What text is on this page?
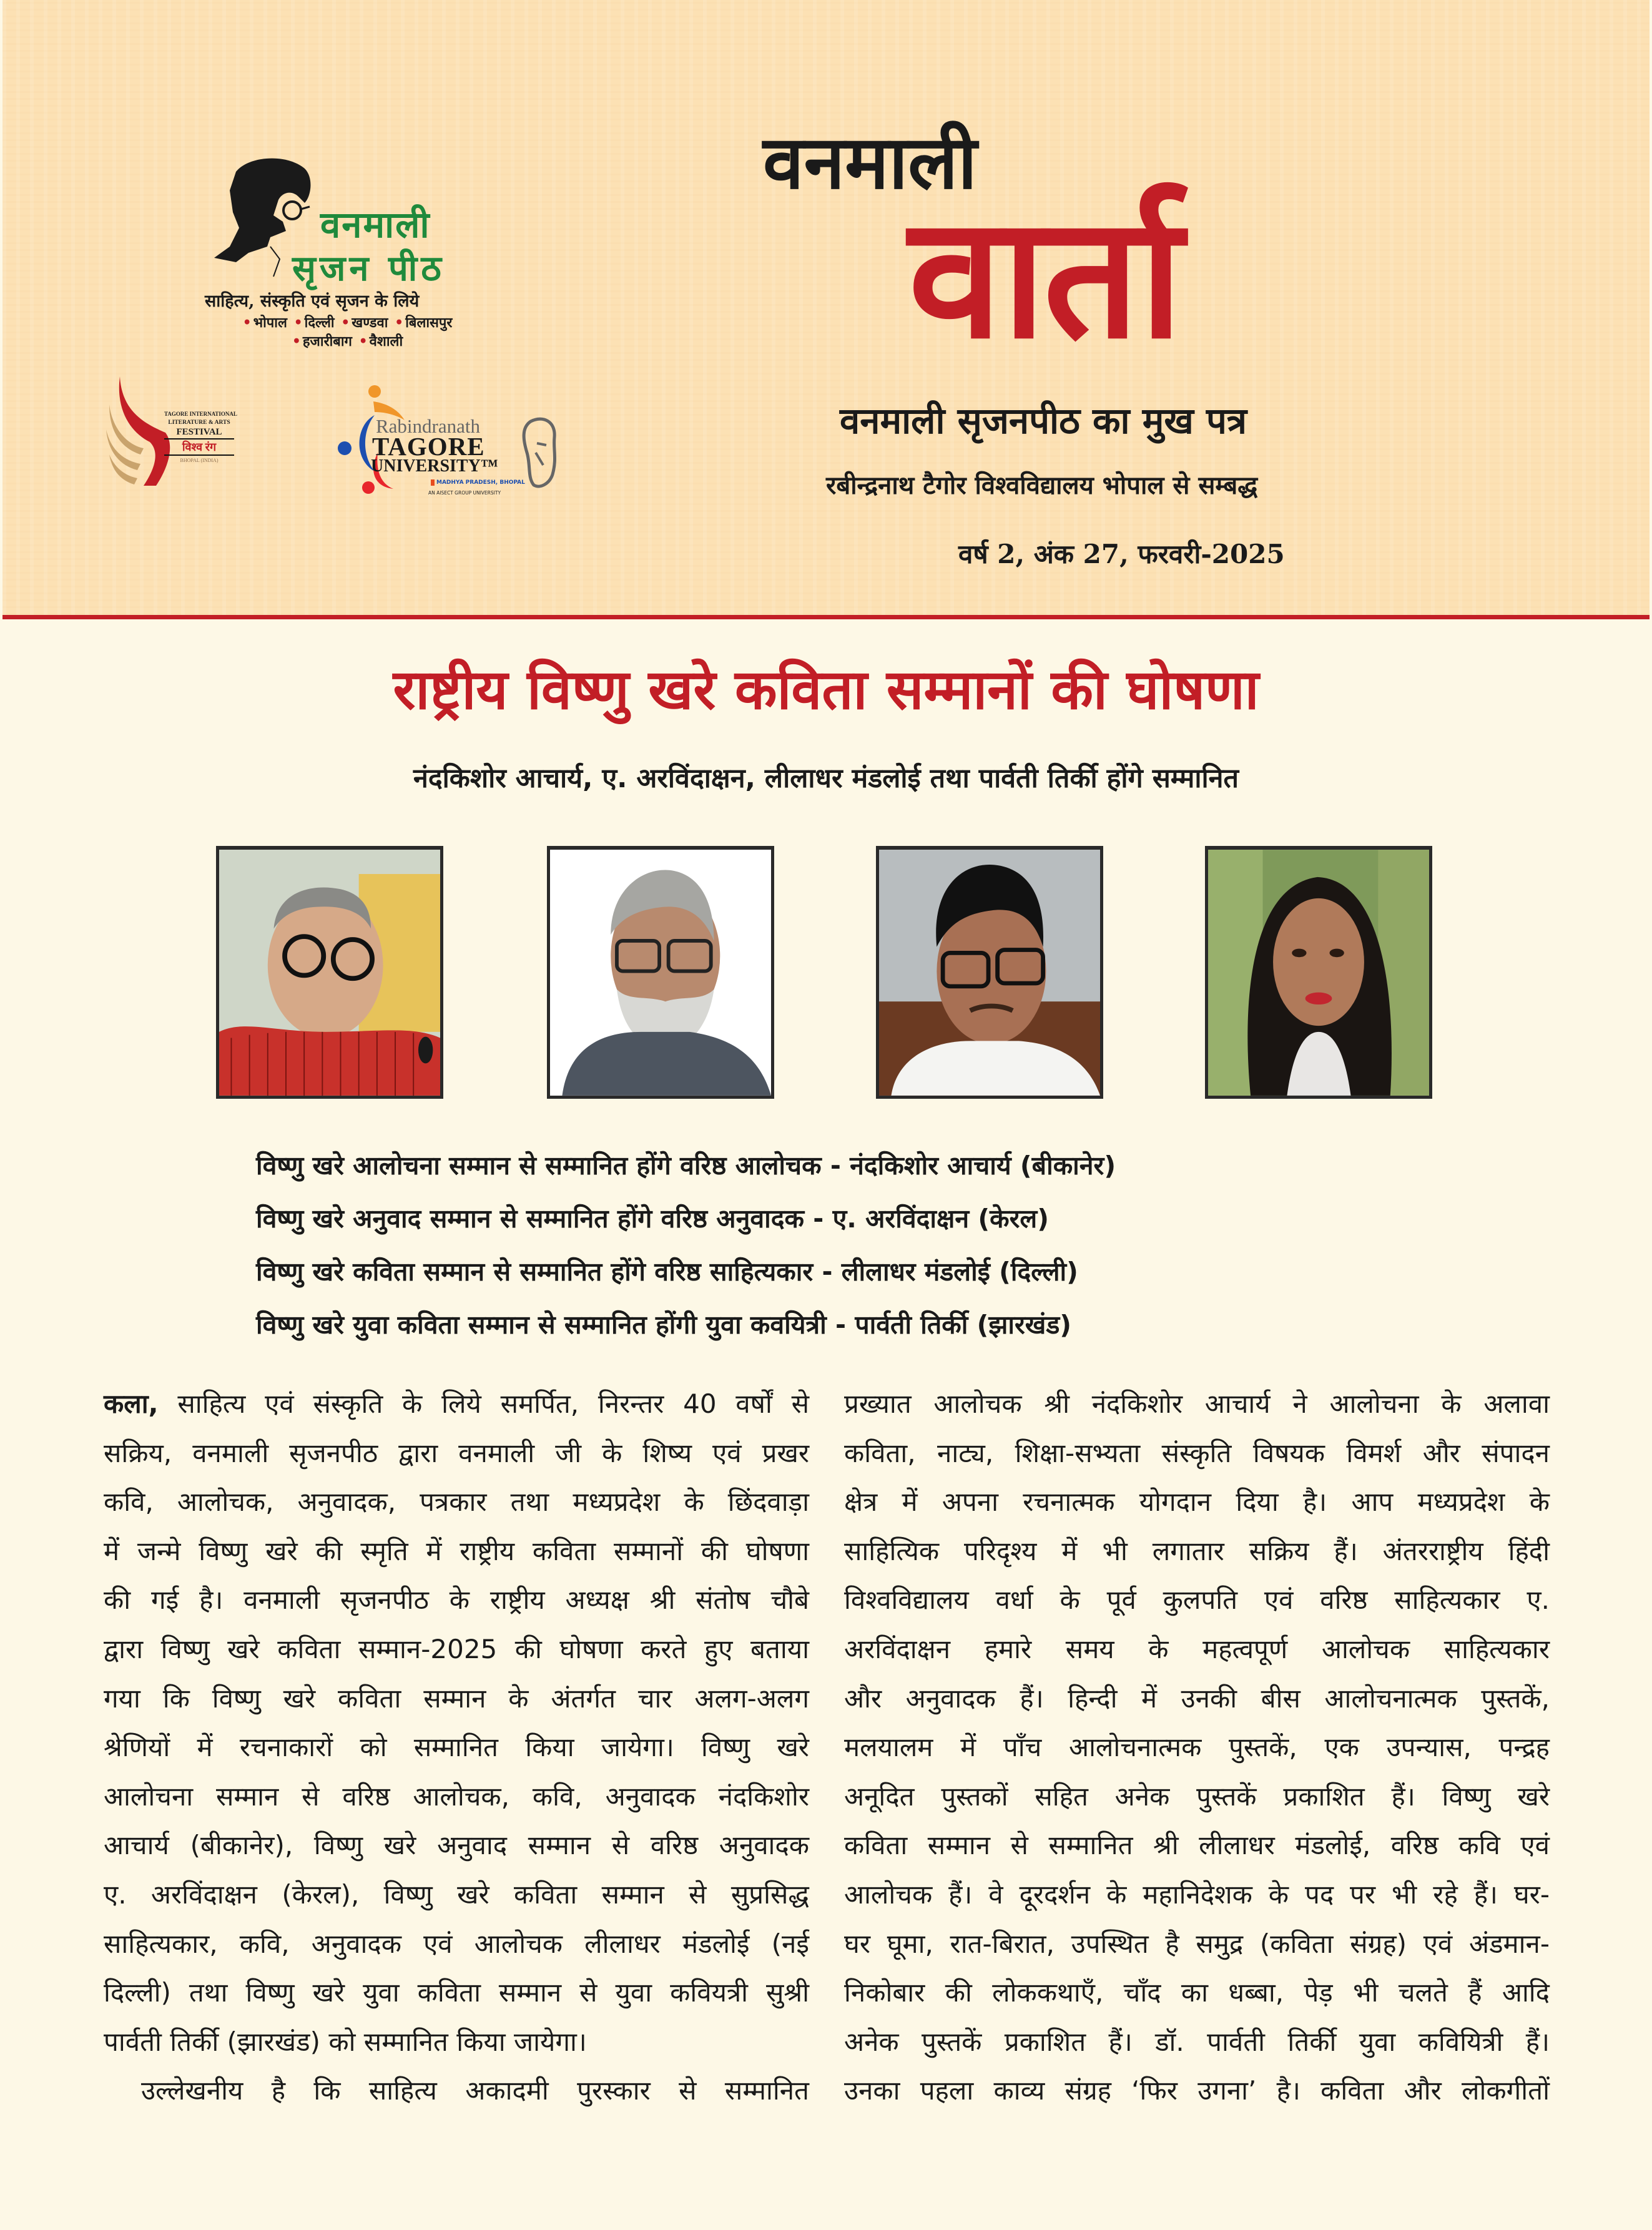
वनमाली
सृजन पीठ
साहित्य, संस्कृति एवं सृजन के लिये
• भोपाल • दिल्ली • खण्डवा • बिलासपुर
• हजारीबाग • वैशाली
TAGORE INTERNATIONAL
LITERATURE & ARTS
FESTIVAL
विश्व रंग
BHOPAL (INDIA)
Rabindranath
TAGORE
UNIVERSITY™
MADHYA PRADESH, BHOPAL
AN AISECT GROUP UNIVERSITY
वनमाली
वार्ता
वनमाली सृजनपीठ का मुख पत्र
रबीन्द्रनाथ टैगोर विश्वविद्यालय भोपाल से सम्बद्ध
वर्ष 2, अंक 27, फरवरी-2025
राष्ट्रीय विष्णु खरे कविता सम्मानों की घोषणा
नंदकिशोर आचार्य, ए. अरविंदाक्षन, लीलाधर मंडलोई तथा पार्वती तिर्की होंगे सम्मानित
विष्णु खरे आलोचना सम्मान से सम्मानित होंगे वरिष्ठ आलोचक - नंदकिशोर आचार्य (बीकानेर)
विष्णु खरे अनुवाद सम्मान से सम्मानित होंगे वरिष्ठ अनुवादक - ए. अरविंदाक्षन (केरल)
विष्णु खरे कविता सम्मान से सम्मानित होंगे वरिष्ठ साहित्यकार - लीलाधर मंडलोई (दिल्ली)
विष्णु खरे युवा कविता सम्मान से सम्मानित होंगी युवा कवयित्री - पार्वती तिर्की (झारखंड)
कला, साहित्य एवं संस्कृति के लिये समर्पित, निरन्तर 40 वर्षों से
सक्रिय, वनमाली सृजनपीठ द्वारा वनमाली जी के शिष्य एवं प्रखर
कवि, आलोचक, अनुवादक, पत्रकार तथा मध्यप्रदेश के छिंदवाड़ा
में जन्मे विष्णु खरे की स्मृति में राष्ट्रीय कविता सम्मानों की घोषणा
की गई है। वनमाली सृजनपीठ के राष्ट्रीय अध्यक्ष श्री संतोष चौबे
द्वारा विष्णु खरे कविता सम्मान-2025 की घोषणा करते हुए बताया
गया कि विष्णु खरे कविता सम्मान के अंतर्गत चार अलग-अलग
श्रेणियों में रचनाकारों को सम्मानित किया जायेगा। विष्णु खरे
आलोचना सम्मान से वरिष्ठ आलोचक, कवि, अनुवादक नंदकिशोर
आचार्य (बीकानेर), विष्णु खरे अनुवाद सम्मान से वरिष्ठ अनुवादक
ए. अरविंदाक्षन (केरल), विष्णु खरे कविता सम्मान से सुप्रसिद्ध
साहित्यकार, कवि, अनुवादक एवं आलोचक लीलाधर मंडलोई (नई
दिल्ली) तथा विष्णु खरे युवा कविता सम्मान से युवा कवियत्री सुश्री
पार्वती तिर्की (झारखंड) को सम्मानित किया जायेगा।
उल्लेखनीय है कि साहित्य अकादमी पुरस्कार से सम्मानित
प्रख्यात आलोचक श्री नंदकिशोर आचार्य ने आलोचना के अलावा
कविता, नाट्य, शिक्षा-सभ्यता संस्कृति विषयक विमर्श और संपादन
क्षेत्र में अपना रचनात्मक योगदान दिया है। आप मध्यप्रदेश के
साहित्यिक परिदृश्य में भी लगातार सक्रिय हैं। अंतरराष्ट्रीय हिंदी
विश्वविद्यालय वर्धा के पूर्व कुलपति एवं वरिष्ठ साहित्यकार ए.
अरविंदाक्षन हमारे समय के महत्वपूर्ण आलोचक साहित्यकार
और अनुवादक हैं। हिन्दी में उनकी बीस आलोचनात्मक पुस्तकें,
मलयालम में पाँच आलोचनात्मक पुस्तकें, एक उपन्यास, पन्द्रह
अनूदित पुस्तकों सहित अनेक पुस्तकें प्रकाशित हैं। विष्णु खरे
कविता सम्मान से सम्मानित श्री लीलाधर मंडलोई, वरिष्ठ कवि एवं
आलोचक हैं। वे दूरदर्शन के महानिदेशक के पद पर भी रहे हैं। घर-
घर घूमा, रात-बिरात, उपस्थित है समुद्र (कविता संग्रह) एवं अंडमान-
निकोबार की लोककथाएँ, चाँद का धब्बा, पेड़ भी चलते हैं आदि
अनेक पुस्तकें प्रकाशित हैं। डॉ. पार्वती तिर्की युवा कवियित्री हैं।
उनका पहला काव्य संग्रह ‘फिर उगना’ है। कविता और लोकगीतों
